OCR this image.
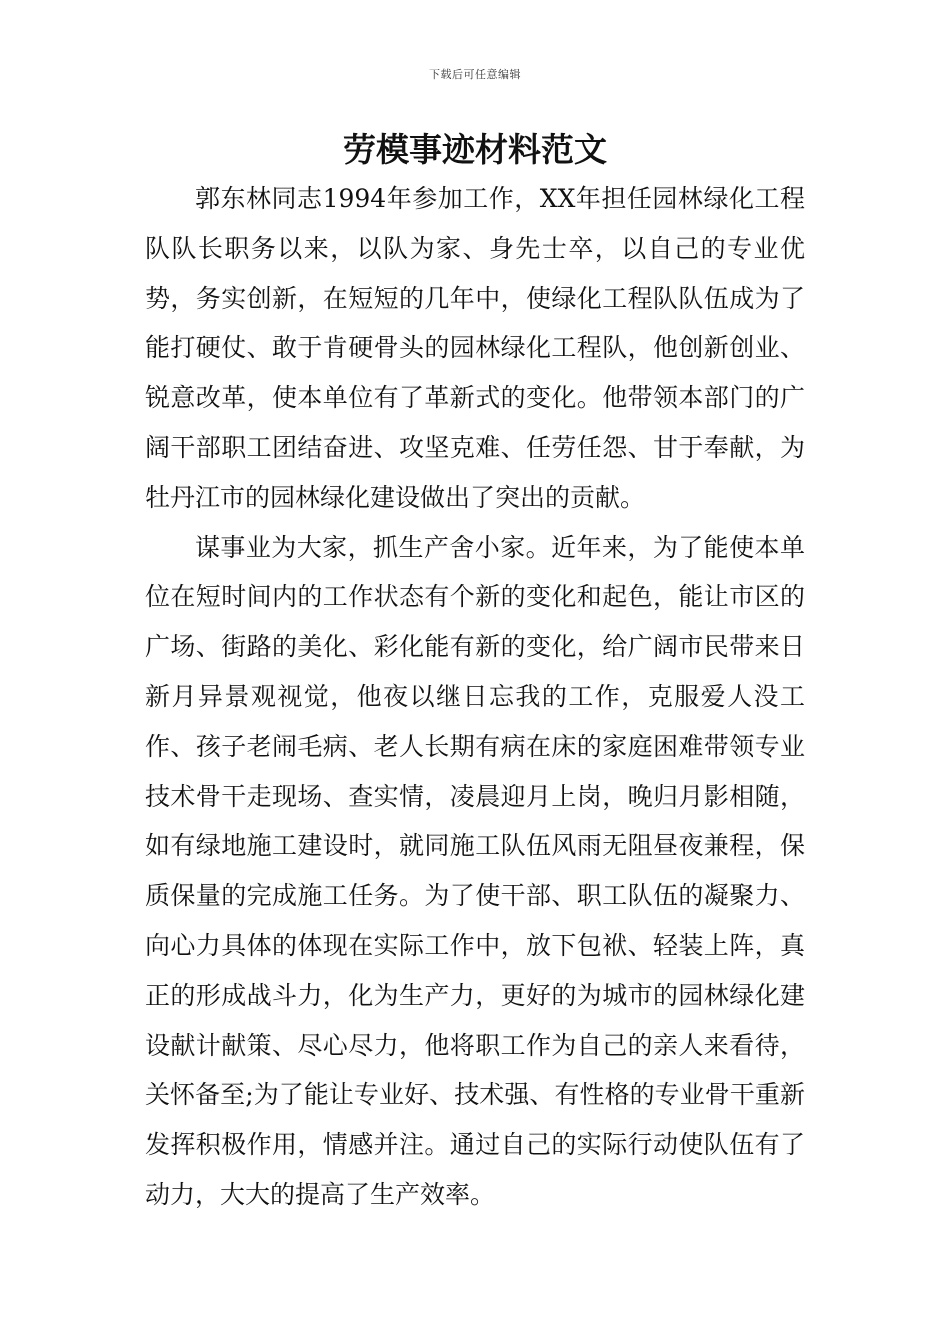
下载后可任意编辑
劳模事迹材料范文

郭东林同志1994年参加工作，XX年担任园林绿化工程队队长职务以来，以队为家、身先士卒，以自己的专业优势，务实创新，在短短的几年中，使绿化工程队队伍成为了能打硬仗、敢于肯硬骨头的园林绿化工程队，他创新创业、锐意改革，使本单位有了革新式的变化。他带领本部门的广阔干部职工团结奋进、攻坚克难、任劳任怨、甘于奉献，为牡丹江市的园林绿化建设做出了突出的贡献。

谋事业为大家，抓生产舍小家。近年来，为了能使本单位在短时间内的工作状态有个新的变化和起色，能让市区的广场、街路的美化、彩化能有新的变化，给广阔市民带来日新月异景观视觉，他夜以继日忘我的工作，克服爱人没工作、孩子老闹毛病、老人长期有病在床的家庭困难带领专业技术骨干走现场、查实情，凌晨迎月上岗，晚归月影相随，如有绿地施工建设时，就同施工队伍风雨无阻昼夜兼程，保质保量的完成施工任务。为了使干部、职工队伍的凝聚力、向心力具体的体现在实际工作中，放下包袱、轻装上阵，真正的形成战斗力，化为生产力，更好的为城市的园林绿化建设献计献策、尽心尽力，他将职工作为自己的亲人来看待，关怀备至;为了能让专业好、技术强、有性格的专业骨干重新发挥积极作用，情感并注。通过自己的实际行动使队伍有了动力，大大的提高了生产效率。
